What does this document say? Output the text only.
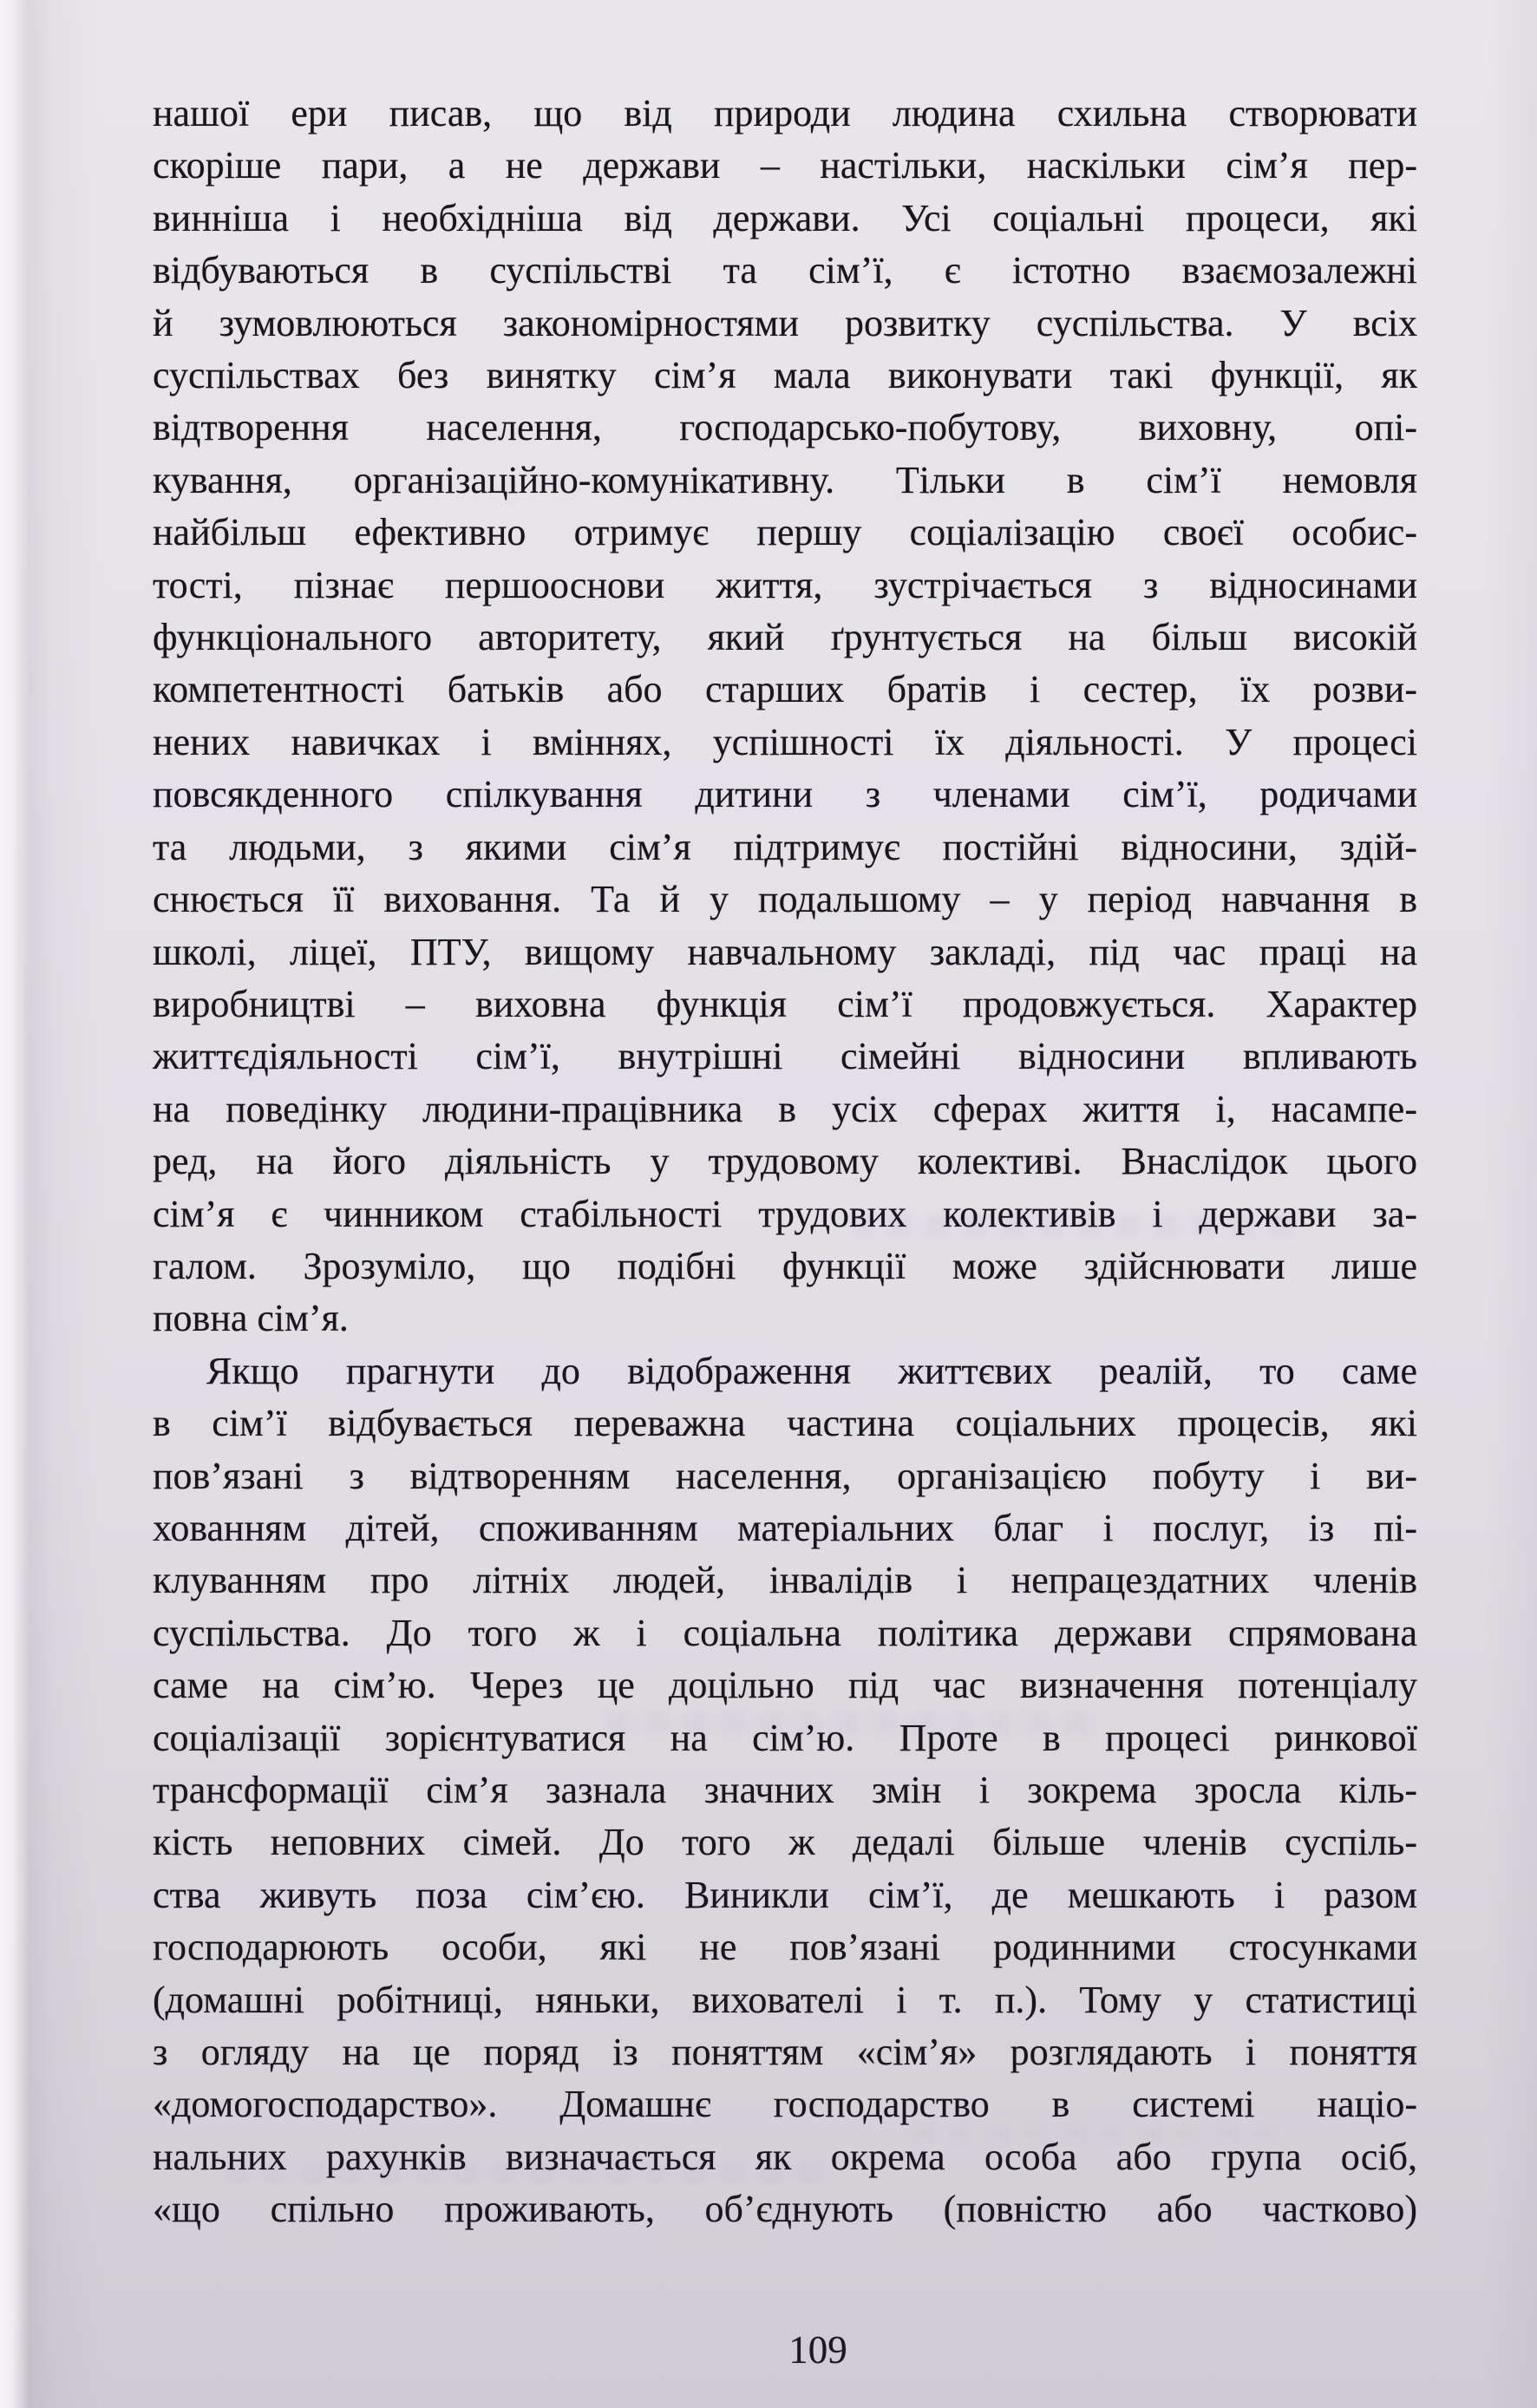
нашої ери писав, що від природи людина схильна створювати
скоріше пари, а не держави – настільки, наскільки сім’я пер-
винніша і необхідніша від держави. Усі соціальні процеси, які
відбуваються в суспільстві та сім’ї, є істотно взаємозалежні
й зумовлюються закономірностями розвитку суспільства. У всіх
суспільствах без винятку сім’я мала виконувати такі функції, як
відтворення населення, господарсько-побутову, виховну, опі-
кування, організаційно-комунікативну. Тільки в сім’ї немовля
найбільш ефективно отримує першу соціалізацію своєї особис-
тості, пізнає першооснови життя, зустрічається з відносинами
функціонального авторитету, який ґрунтується на більш високій
компетентності батьків або старших братів і сестер, їх розви-
нених навичках і вміннях, успішності їх діяльності. У процесі
повсякденного спілкування дитини з членами сім’ї, родичами
та людьми, з якими сім’я підтримує постійні відносини, здій-
снюється її виховання. Та й у подальшому – у період навчання в
школі, ліцеї, ПТУ, вищому навчальному закладі, під час праці на
виробництві – виховна функція сім’ї продовжується. Характер
життєдіяльності сім’ї, внутрішні сімейні відносини впливають
на поведінку людини-працівника в усіх сферах життя і, насампе-
ред, на його діяльність у трудовому колективі. Внаслідок цього
сім’я є чинником стабільності трудових колективів і держави за-
галом. Зрозуміло, що подібні функції може здійснювати лише
повна сім’я.
Якщо прагнути до відображення життєвих реалій, то саме
в сім’ї відбувається переважна частина соціальних процесів, які
пов’язані з відтворенням населення, організацією побуту і ви-
хованням дітей, споживанням матеріальних благ і послуг, із пі-
клуванням про літніх людей, інвалідів і непрацездатних членів
суспільства. До того ж і соціальна політика держави спрямована
саме на сім’ю. Через це доцільно під час визначення потенціалу
соціалізації зорієнтуватися на сім’ю. Проте в процесі ринкової
трансформації сім’я зазнала значних змін і зокрема зросла кіль-
кість неповних сімей. До того ж дедалі більше членів суспіль-
ства живуть поза сім’єю. Виникли сім’ї, де мешкають і разом
господарюють особи, які не пов’язані родинними стосунками
(домашні робітниці, няньки, вихователі і т. п.). Тому у статистиці
з огляду на це поряд із поняттям «сім’я» розглядають і поняття
«домогосподарство». Домашнє господарство в системі націо-
нальних рахунків визначається як окрема особа або група осіб,
«що спільно проживають, об’єднують (повністю або частково)
109
